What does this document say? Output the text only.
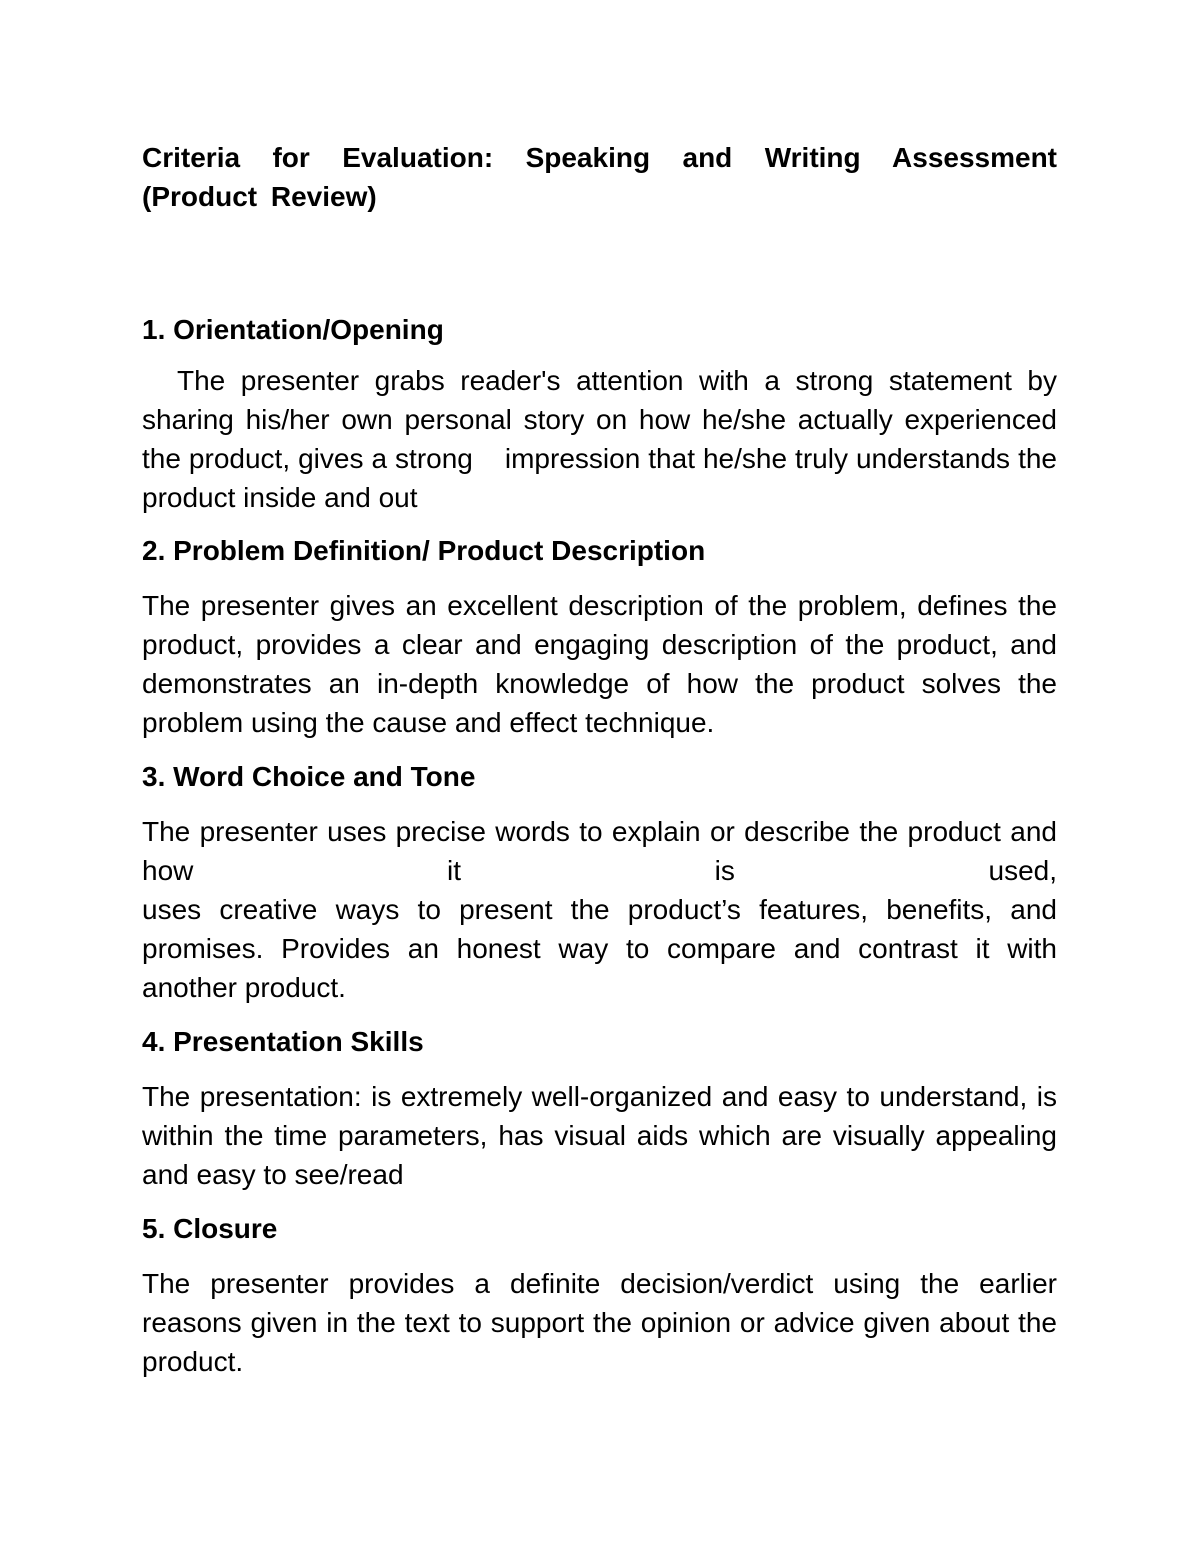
Criteria for Evaluation: Speaking and Writing Assessment (Product Review)

1. Orientation/Opening

The presenter grabs reader's attention with a strong statement by sharing his/her own personal story on how he/she actually experienced the product, gives a strong    impression that he/she truly understands the product inside and out

2. Problem Definition/ Product Description

The presenter gives an excellent description of the problem, defines the product, provides a clear and engaging description of the product, and demonstrates an in-depth knowledge of how the product solves the problem using the cause and effect technique.

3. Word Choice and Tone

The presenter uses precise words to explain or describe the product and how it is used,
uses creative ways to present the product’s features, benefits, and promises. Provides an honest way to compare and contrast it with another product.

4. Presentation Skills

The presentation: is extremely well-organized and easy to understand, is within the time parameters, has visual aids which are visually appealing and easy to see/read

5. Closure

The presenter provides a definite decision/verdict using the earlier reasons given in the text to support the opinion or advice given about the product.
